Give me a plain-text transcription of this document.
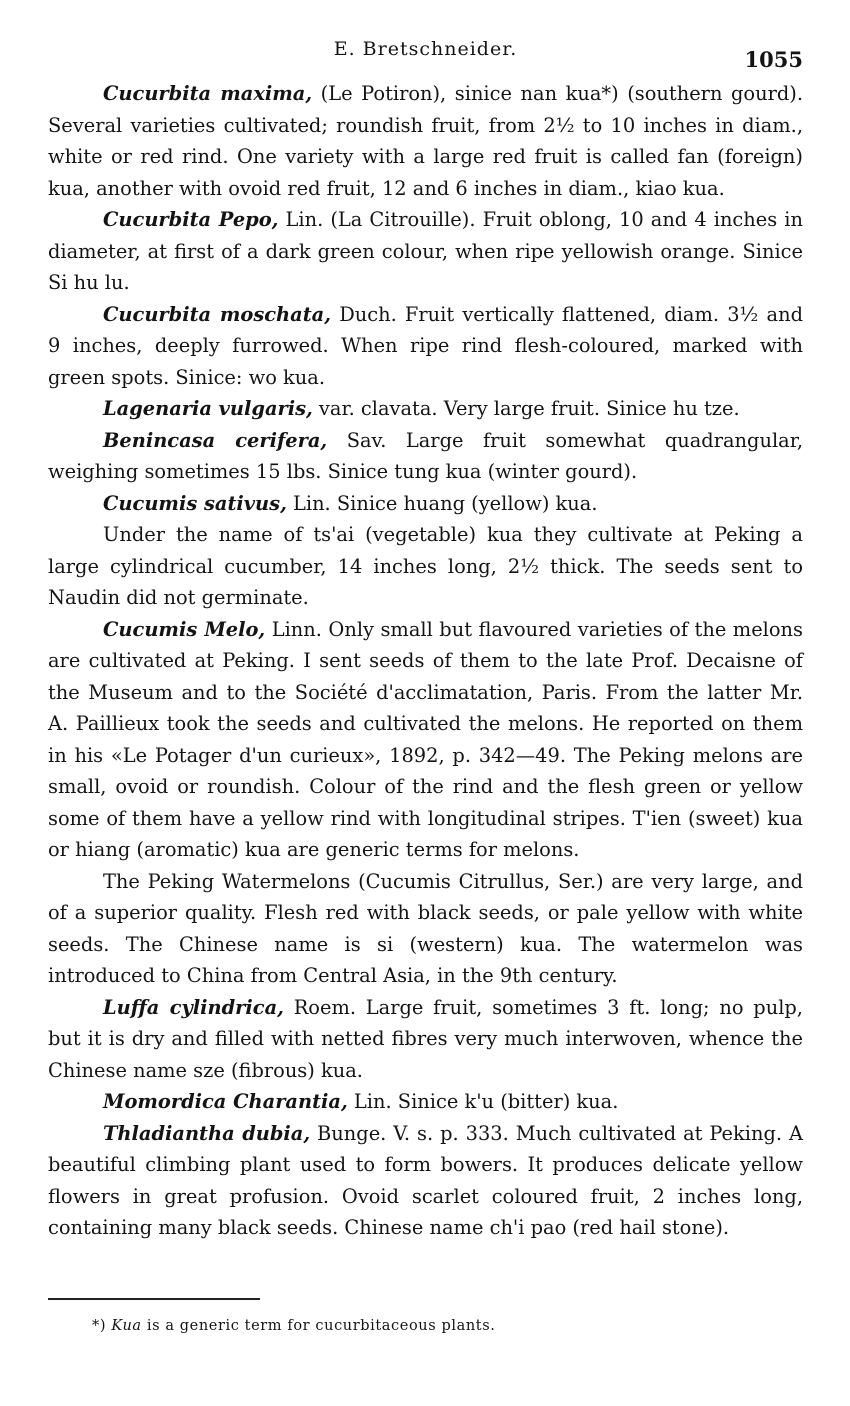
E. Bretschneider.	1055

Cucurbita maxima, (Le Potiron), sinice nan kua*) (southern gourd). Several varieties cultivated; roundish fruit, from 2½ to 10 inches in diam., white or red rind. One variety with a large red fruit is called fan (foreign) kua, another with ovoid red fruit, 12 and 6 inches in diam., kiao kua.

Cucurbita Pepo, Lin. (La Citrouille). Fruit oblong, 10 and 4 inches in diameter, at first of a dark green colour, when ripe yellowish orange. Sinice Si hu lu.

Cucurbita moschata, Duch. Fruit vertically flattened, diam. 3½ and 9 inches, deeply furrowed. When ripe rind flesh-coloured, marked with green spots. Sinice: wo kua.

Lagenaria vulgaris, var. clavata. Very large fruit. Sinice hu tze.

Benincasa cerifera, Sav. Large fruit somewhat quadrangular, weighing sometimes 15 lbs. Sinice tung kua (winter gourd).

Cucumis sativus, Lin. Sinice huang (yellow) kua.

Under the name of ts'ai (vegetable) kua they cultivate at Peking a large cylindrical cucumber, 14 inches long, 2½ thick. The seeds sent to Naudin did not germinate.

Cucumis Melo, Linn. Only small but flavoured varieties of the melons are cultivated at Peking. I sent seeds of them to the late Prof. Decaisne of the Museum and to the Société d'acclimatation, Paris. From the latter Mr. A. Paillieux took the seeds and cultivated the melons. He reported on them in his «Le Potager d'un curieux», 1892, p. 342—49. The Peking melons are small, ovoid or roundish. Colour of the rind and the flesh green or yellow some of them have a yellow rind with longitudinal stripes. T'ien (sweet) kua or hiang (aromatic) kua are generic terms for melons.

The Peking Watermelons (Cucumis Citrullus, Ser.) are very large, and of a superior quality. Flesh red with black seeds, or pale yellow with white seeds. The Chinese name is si (western) kua. The watermelon was introduced to China from Central Asia, in the 9th century.

Luffa cylindrica, Roem. Large fruit, sometimes 3 ft. long; no pulp, but it is dry and filled with netted fibres very much interwoven, whence the Chinese name sze (fibrous) kua.

Momordica Charantia, Lin. Sinice k'u (bitter) kua.

Thladiantha dubia, Bunge. V. s. p. 333. Much cultivated at Peking. A beautiful climbing plant used to form bowers. It produces delicate yellow flowers in great profusion. Ovoid scarlet coloured fruit, 2 inches long, containing many black seeds. Chinese name ch'i pao (red hail stone).

*) Kua is a generic term for cucurbitaceous plants.
